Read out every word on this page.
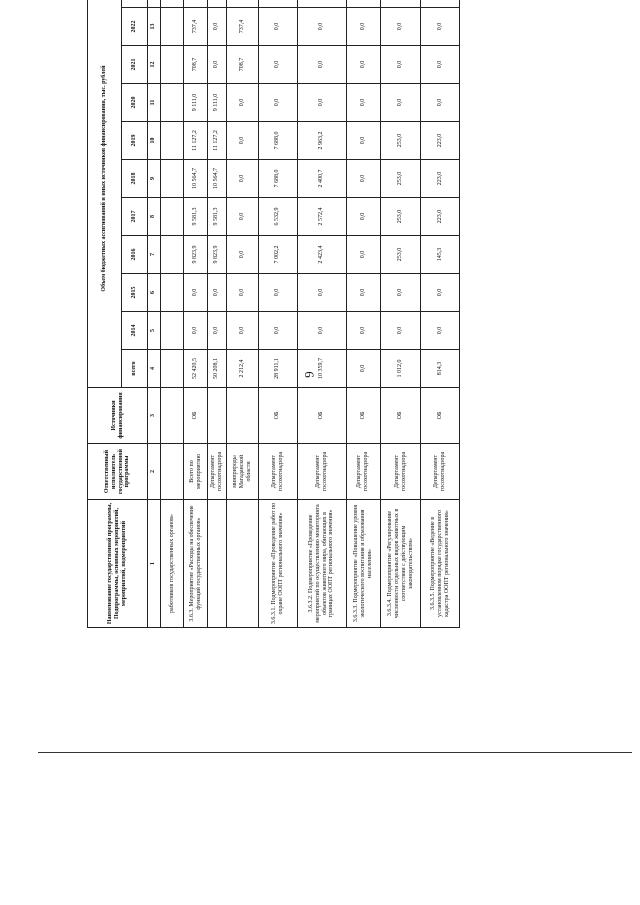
6
Наименование государственной программы, Подпрограммы, основных мероприятий, мероприятий, подмероприятий	Ответственный исполнитель государственной программы	Источники финансирования	Объем бюджетных ассигнований и иных источников финансирования, тыс. рублей										
			всего	2014	2015	2016	2017	2018	2019	2020	2021	2022	
1	2	3	4	5	6	7	8	9	10	11	12	13	
работников государственных органов»													
3.6.3. Мероприятие «Расходы на обеспечение функций государственных органов»	Всего по мероприятию	ОБ	52 420,5	0,0	0,0	9 823,9	9 581,3	10 564,7	11 127,2	9 111,0	708,7	737,4	
	Департамент госохотнадзора		50 208,1	0,0	0,0	9 823,9	9 581,3	10 564,7	11 127,2	9 111,0	0,0	0,0	
	минприроды Магаданской области		2 212,4	0,0	0,0	0,0	0,0	0,0	0,0	0,0	708,7	737,4	
3.6.3.1. Подмероприятие «Проведение работ по охране ООПТ регионального значения»	Департамент госохотнадзора	ОБ	28 911,1	0,0	0,0	7 002,2	6 532,9	7 688,0	7 688,0	0,0	0,0	0,0	
3.6.3.2. Подмероприятие «Проведение мероприятий по осуществлению мониторинга объектов животного мира, обитающих в границах ООПТ регионального значения»	Департамент госохотнадзора	ОБ	10 359,7	0,0	0,0	2 423,4	2 572,4	2 400,7	2 963,2	0,0	0,0	0,0	
3.6.3.3. Подмероприятие «Повышение уровня экологического воспитания и образования населения»	Департамент госохотнадзора	ОБ	0,0	0,0	0,0	0,0	0,0	0,0	0,0	0,0	0,0	0,0	
3.6.3.4. Подмероприятие «Регулирование численности отдельных видов животных в соответствии с действующим законодательством»	Департамент госохотнадзора	ОБ	1 012,0	0,0	0,0	253,0	253,0	253,0	253,0	0,0	0,0	0,0	
3.6.3.5. Подмероприятие «Ведение в установленном порядке государственного кадастра ООПТ регионального значения»	Департамент госохотнадзора	ОБ	814,3	0,0	0,0	145,3	223,0	223,0	223,0	0,0	0,0	0,0	
